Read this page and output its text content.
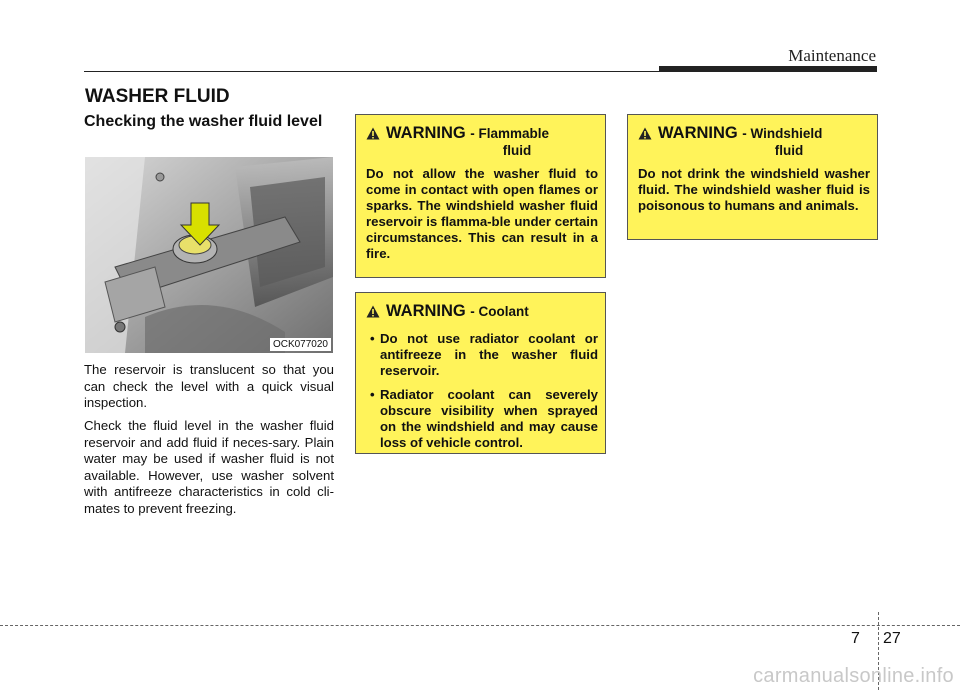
Maintenance
WASHER FLUID
Checking the washer fluid level
OCK077020

The reservoir is translucent so that you can check the level with a quick visual inspection.

Check the fluid level in the washer fluid reservoir and add fluid if neces-sary. Plain water may be used if washer fluid is not available. However, use washer solvent with antifreeze characteristics in cold cli-mates to prevent freezing.

WARNING - Flammable
fluid

Do not allow the washer fluid to come in contact with open flames or sparks. The windshield washer fluid reservoir is flamma-ble under certain circumstances. This can result in a fire.

WARNING - Coolant
• Do not use radiator coolant or antifreeze in the washer fluid reservoir.
• Radiator coolant can severely obscure visibility when sprayed on the windshield and may cause loss of vehicle control.
WARNING - Windshield
fluid

Do not drink the windshield washer fluid. The windshield washer fluid is poisonous to humans and animals.

7 27
carmanualsonline.info
